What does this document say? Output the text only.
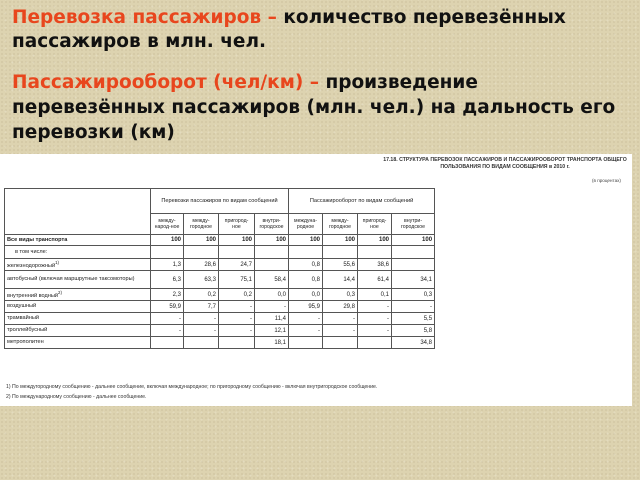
Перевозка пассажиров – количество перевезённых пассажиров в млн. чел.

Пассажирооборот (чел/км) – произведение перевезённых пассажиров (млн. чел.) на дальность его перевозки (км)

17.18. СТРУКТУРА ПЕРЕВОЗОК ПАССАЖИРОВ И ПАССАЖИРООБОРОТ ТРАНСПОРТА ОБЩЕГО ПОЛЬЗОВАНИЯ ПО ВИДАМ СООБЩЕНИЯ в 2010 г.
(в процентах)
	Перевозки пассажиров по видам сообщений				Пассажирооборот по видам сообщений			
	между-народ-ное	между-городное	пригород-ное	внутри-городское	междуна-родное	между-городное	пригород-ное	внутри-городское
Все виды транспорта	100	100	100	100	100	100	100	100
в том числе:								
железнодорожный$^{1)}$	1,3	28,6	24,7		0,8	55,6	38,6	
автобусный (включая маршрутные таксомоторы)	6,3	63,3	75,1	58,4	0,8	14,4	61,4	34,1
внутренний водный$^{2)}$	2,3	0,2	0,2	0,0	0,0	0,3	0,1	0,3
воздушный	59,9	7,7	-	-	95,9	29,8	-	-
трамвайный	-	-	-	11,4	-	-	-	5,5
троллейбусный	-	-	-	12,1	-	-	-	5,8
метрополитен				18,1				34,8
1) По междугородному сообщению - дальнее сообщение, включая международное; по пригородному сообщению - включая внутригородское сообщение.
2) По международному сообщению - дальнее сообщение.
